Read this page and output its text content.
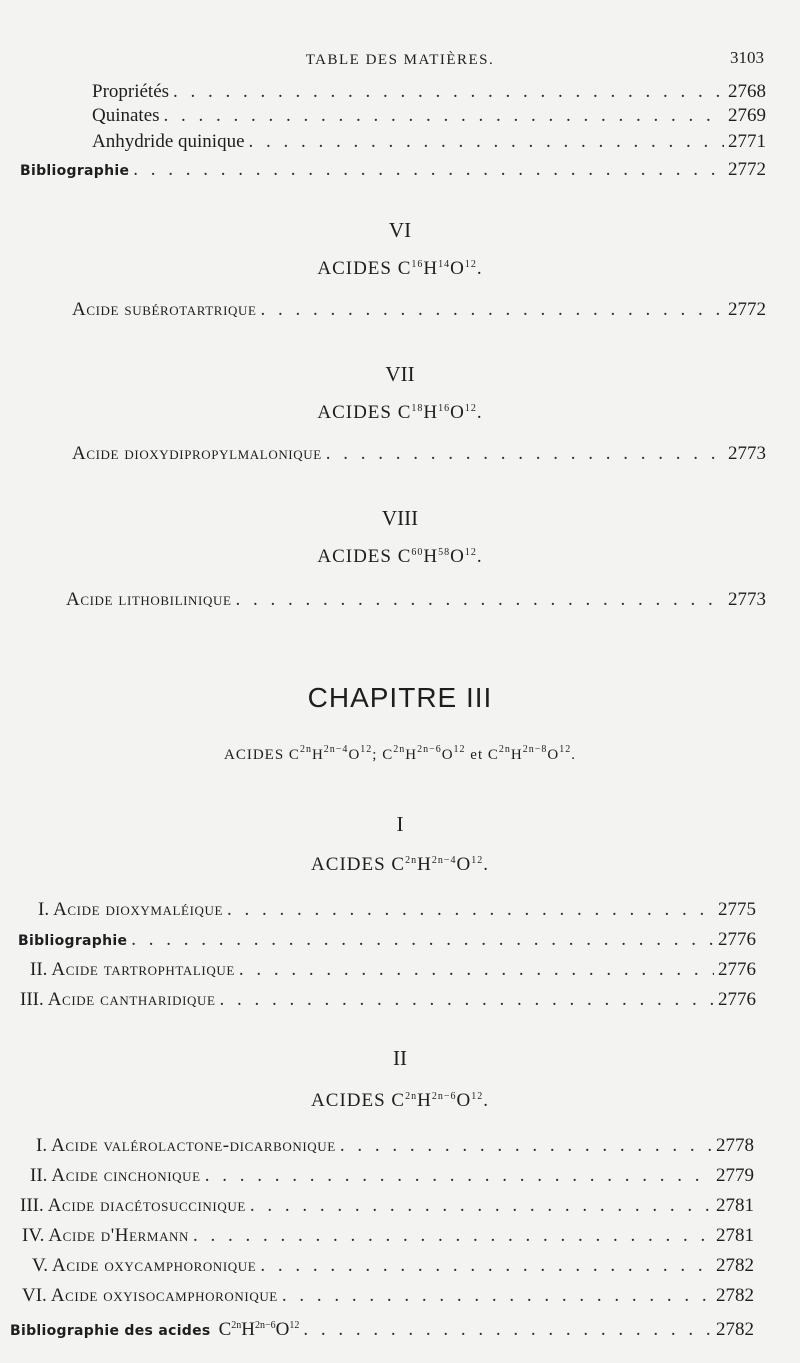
TABLE DES MATIÈRES.	3103
Propriétés . . .	2768
Quinates . . .	2769
Anhydride quinique . . .	2771
Bibliographie . . .	2772
VI
ACIDES $C^{16}H^{14}O^{12}$.
Acide subérotartrique . . .	2772
VII
ACIDES $C^{18}H^{16}O^{12}$.
Acide dioxydipropylmalonique . . .	2773
VIII
ACIDES $C^{60}H^{58}O^{12}$.
Acide lithobilinique . . .	2773
CHAPITRE III
ACIDES $C^{2n}H^{2n-4}O^{12}$; $C^{2n}H^{2n-6}O^{12}$ et $C^{2n}H^{2n-8}O^{12}$.
I
ACIDES $C^{2n}H^{2n-4}O^{12}$.
I. Acide dioxymaléique . . .	2775
Bibliographie . . .	2776
II. Acide tartrophtalique . . .	2776
III. Acide cantharidique . . .	2776
II
ACIDES $C^{2n}H^{2n-6}O^{12}$.
I. Acide valérolactone-dicarbonique . . .	2778
II. Acide cinchonique . . .	2779
III. Acide diacétosuccinique . . .	2781
IV. Acide d'Hermann . . .	2781
V. Acide oxycamphoronique . . .	2782
VI. Acide oxyisocamphoronique . . .	2782
Bibliographie des acides $C^{2n}H^{2n-6}O^{12}$ . . .	2782
